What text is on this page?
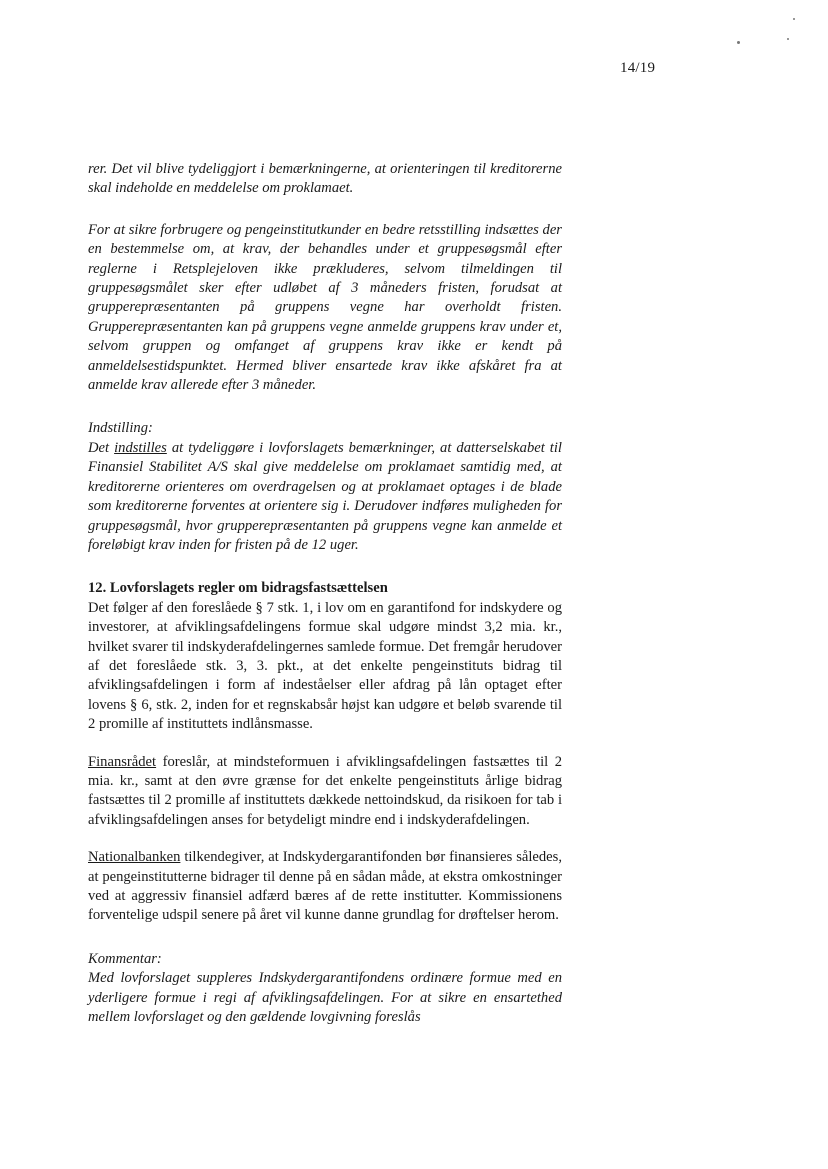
14/19

rer. Det vil blive tydeliggjort i bemærkningerne, at orienteringen til kreditorerne skal indeholde en meddelelse om proklamaet.

For at sikre forbrugere og pengeinstitutkunder en bedre retsstilling indsættes der en bestemmelse om, at krav, der behandles under et gruppesøgsmål efter reglerne i Retsplejeloven ikke prækluderes, selvom tilmeldingen til gruppesøgsmålet sker efter udløbet af 3 måneders fristen, forudsat at grupperepræsentanten på gruppens vegne har overholdt fristen. Grupperepræsentanten kan på gruppens vegne anmelde gruppens krav under et, selvom gruppen og omfanget af gruppens krav ikke er kendt på anmeldelsestidspunktet. Hermed bliver ensartede krav ikke afskåret fra at anmelde krav allerede efter 3 måneder.

Indstilling:

Det indstilles at tydeliggøre i lovforslagets bemærkninger, at datterselskabet til Finansiel Stabilitet A/S skal give meddelelse om proklamaet samtidig med, at kreditorerne orienteres om overdragelsen og at proklamaet optages i de blade som kreditorerne forventes at orientere sig i. Derudover indføres muligheden for gruppesøgsmål, hvor grupperepræsentanten på gruppens vegne kan anmelde et foreløbigt krav inden for fristen på de 12 uger.

12. Lovforslagets regler om bidragsfastsættelsen

Det følger af den foreslåede § 7 stk. 1, i lov om en garantifond for indskydere og investorer, at afviklingsafdelingens formue skal udgøre mindst 3,2 mia. kr., hvilket svarer til indskyderafdelingernes samlede formue. Det fremgår herudover af det foreslåede stk. 3, 3. pkt., at det enkelte pengeinstituts bidrag til afviklingsafdelingen i form af indeståelser eller afdrag på lån optaget efter lovens § 6, stk. 2, inden for et regnskabsår højst kan udgøre et beløb svarende til 2 promille af instituttets indlånsmasse.

Finansrådet foreslår, at mindsteformuen i afviklingsafdelingen fastsættes til 2 mia. kr., samt at den øvre grænse for det enkelte pengeinstituts årlige bidrag fastsættes til 2 promille af instituttets dækkede nettoindskud, da risikoen for tab i afviklingsafdelingen anses for betydeligt mindre end i indskyderafdelingen.

Nationalbanken tilkendegiver, at Indskydergarantifonden bør finansieres således, at pengeinstitutterne bidrager til denne på en sådan måde, at ekstra omkostninger ved at aggressiv finansiel adfærd bæres af de rette institutter. Kommissionens forventelige udspil senere på året vil kunne danne grundlag for drøftelser herom.

Kommentar:

Med lovforslaget suppleres Indskydergarantifondens ordinære formue med en yderligere formue i regi af afviklingsafdelingen. For at sikre en ensartethed mellem lovforslaget og den gældende lovgivning foreslås
